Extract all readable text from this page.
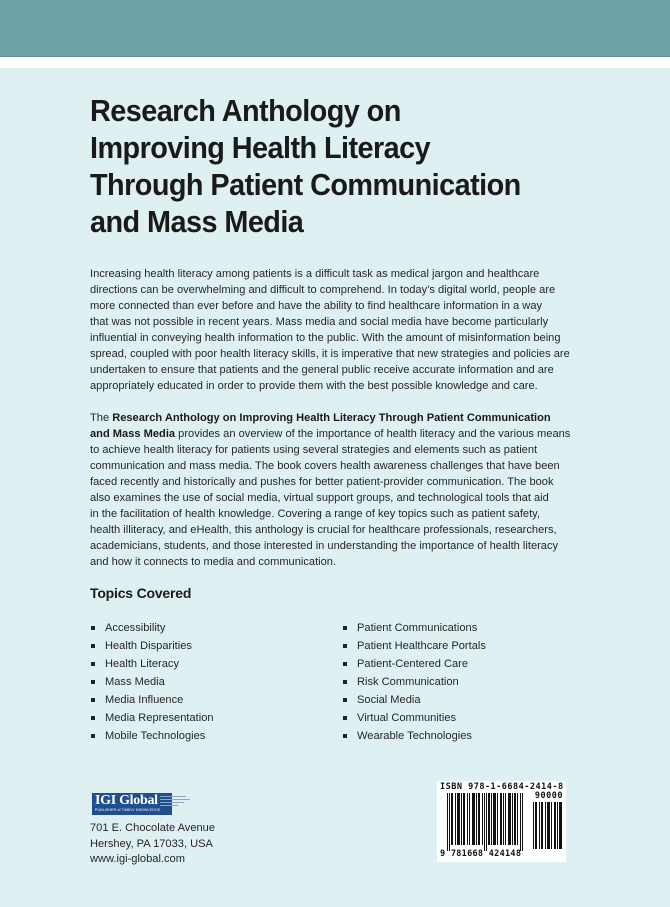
Research Anthology on
Improving Health Literacy
Through Patient Communication
and Mass Media

Increasing health literacy among patients is a difficult task as medical jargon and healthcare
directions can be overwhelming and difficult to comprehend. In today’s digital world, people are
more connected than ever before and have the ability to find healthcare information in a way
that was not possible in recent years. Mass media and social media have become particularly
influential in conveying health information to the public. With the amount of misinformation being
spread, coupled with poor health literacy skills, it is imperative that new strategies and policies are
undertaken to ensure that patients and the general public receive accurate information and are
appropriately educated in order to provide them with the best possible knowledge and care.

The Research Anthology on Improving Health Literacy Through Patient Communication
and Mass Media provides an overview of the importance of health literacy and the various means
to achieve health literacy for patients using several strategies and elements such as patient
communication and mass media. The book covers health awareness challenges that have been
faced recently and historically and pushes for better patient-provider communication. The book
also examines the use of social media, virtual support groups, and technological tools that aid
in the facilitation of health knowledge. Covering a range of key topics such as patient safety,
health illiteracy, and eHealth, this anthology is crucial for healthcare professionals, researchers,
academicians, students, and those interested in understanding the importance of health literacy
and how it connects to media and communication.

Topics Covered
Accessibility
Health Disparities
Health Literacy
Mass Media
Media Influence
Media Representation
Mobile Technologies
Patient Communications
Patient Healthcare Portals
Patient-Centered Care
Risk Communication
Social Media
Virtual Communities
Wearable Technologies
IGI Global
PUBLISHER of TIMELY KNOWLEDGE

701 E. Chocolate Avenue
Hershey, PA 17033, USA
www.igi-global.com

ISBN 978-1-6684-2414-8
90000
9 781668 424148
